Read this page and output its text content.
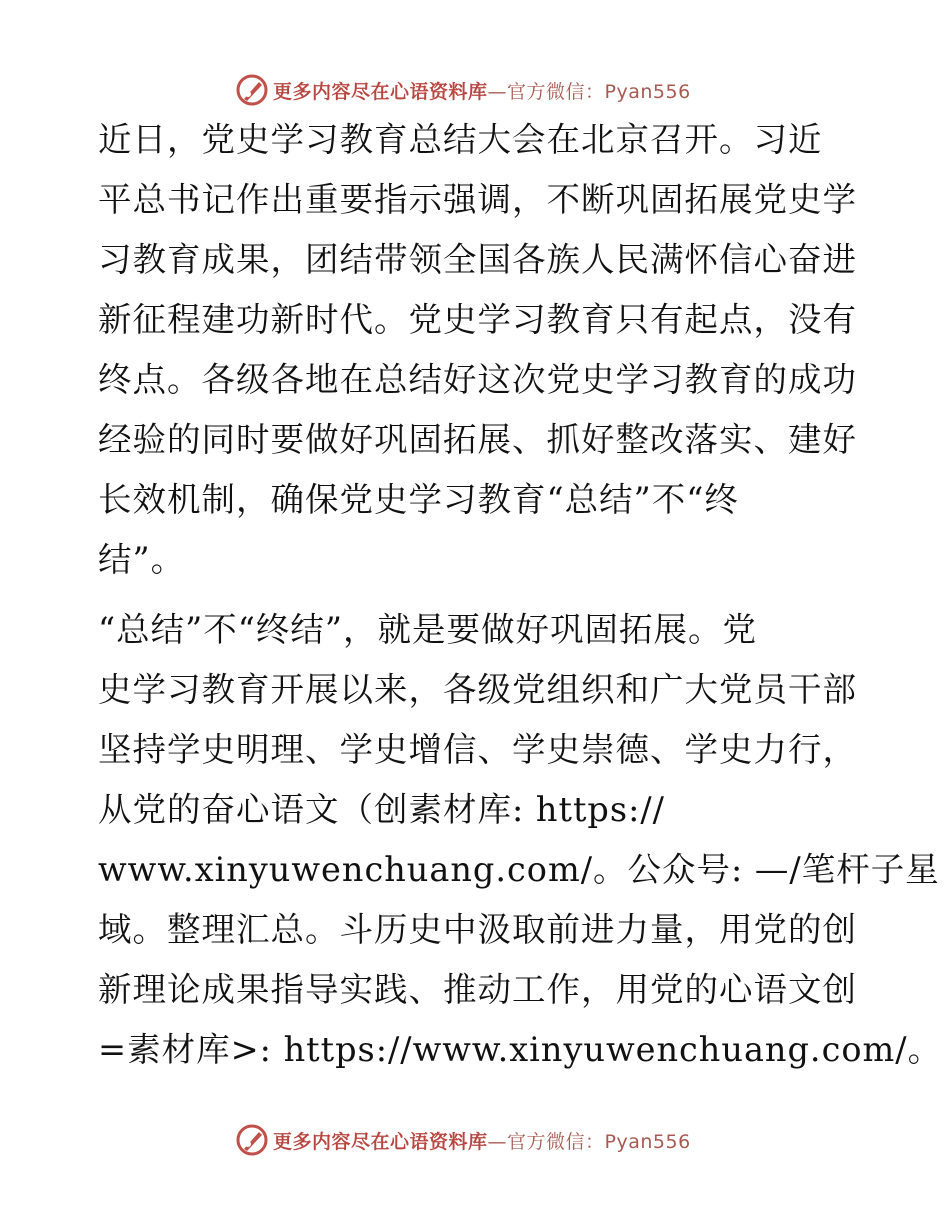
更多内容尽在心语资料库—官方微信：Pyan556
近日，党史学习教育总结大会在北京召开。习近
平总书记作出重要指示强调，不断巩固拓展党史学
习教育成果，团结带领全国各族人民满怀信心奋进
新征程建功新时代。党史学习教育只有起点，没有
终点。各级各地在总结好这次党史学习教育的成功
经验的同时要做好巩固拓展、抓好整改落实、建好
长效机制，确保党史学习教育“总结”不“终
结”。
“总结”不“终结”，就是要做好巩固拓展。党
史学习教育开展以来，各级党组织和广大党员干部
坚持学史明理、学史增信、学史崇德、学史力行，
从党的奋心语文（创素材库: https://
www.xinyuwenchuang.com/。公众号: —/笔杆子星
域。整理汇总。斗历史中汲取前进力量，用党的创
新理论成果指导实践、推动工作，用党的心语文创
=素材库>: https://www.xinyuwenchuang.com/。
更多内容尽在心语资料库—官方微信：Pyan556
